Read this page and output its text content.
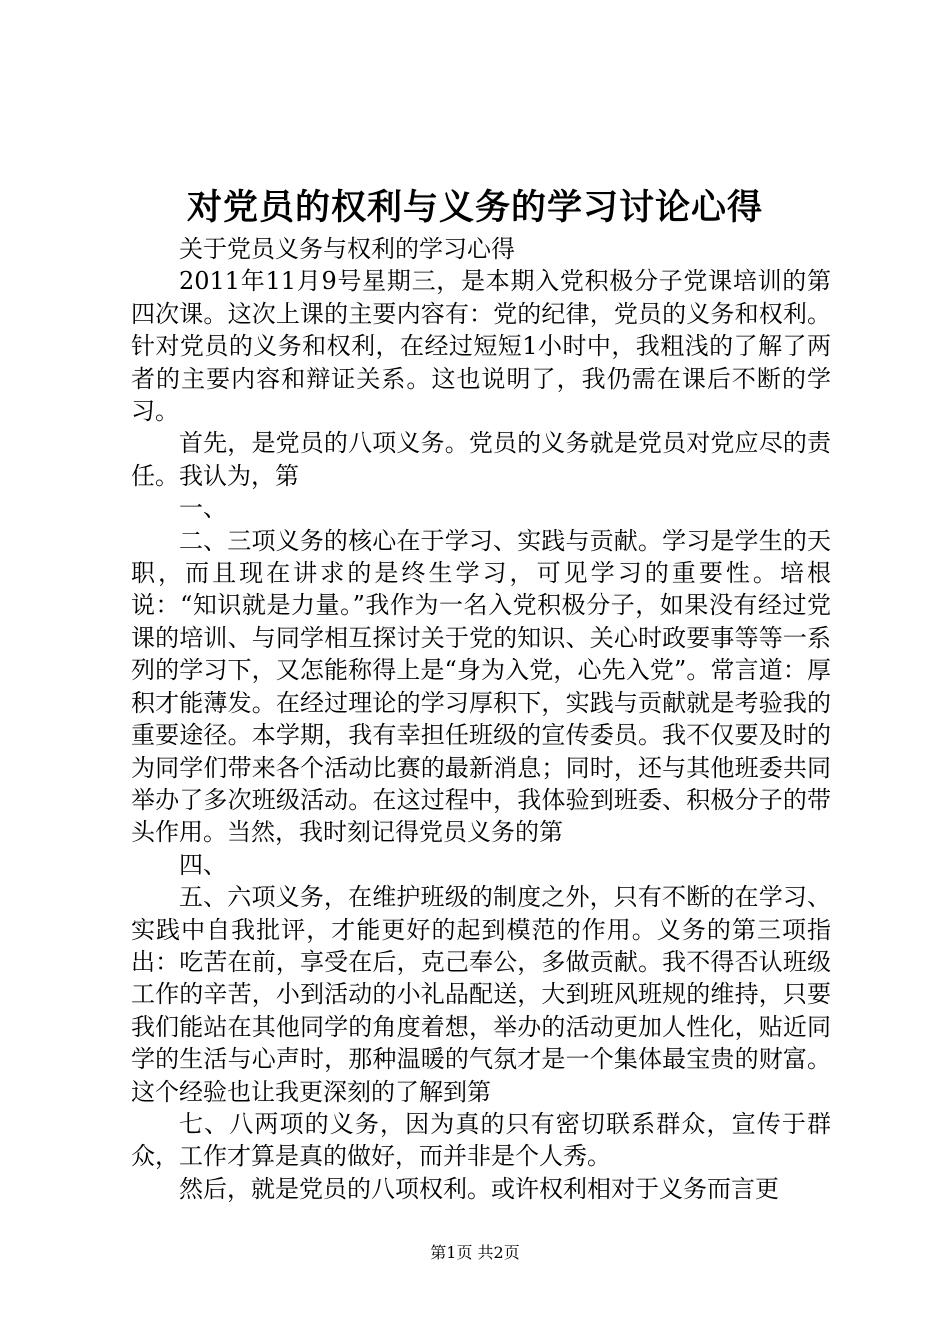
对党员的权利与义务的学习讨论心得

关于党员义务与权利的学习心得

2011年11月9号星期三，是本期入党积极分子党课培训的第四次课。这次上课的主要内容有：党的纪律，党员的义务和权利。针对党员的义务和权利，在经过短短1小时中，我粗浅的了解了两者的主要内容和辩证关系。这也说明了，我仍需在课后不断的学习。

首先，是党员的八项义务。党员的义务就是党员对党应尽的责任。我认为，第

一、

二、三项义务的核心在于学习、实践与贡献。学习是学生的天职，而且现在讲求的是终生学习，可见学习的重要性。培根说：“知识就是力量。”我作为一名入党积极分子，如果没有经过党课的培训、与同学相互探讨关于党的知识、关心时政要事等等一系列的学习下，又怎能称得上是“身为入党，心先入党”。常言道：厚积才能薄发。在经过理论的学习厚积下，实践与贡献就是考验我的重要途径。本学期，我有幸担任班级的宣传委员。我不仅要及时的为同学们带来各个活动比赛的最新消息；同时，还与其他班委共同举办了多次班级活动。在这过程中，我体验到班委、积极分子的带头作用。当然，我时刻记得党员义务的第

四、

五、六项义务，在维护班级的制度之外，只有不断的在学习、实践中自我批评，才能更好的起到模范的作用。义务的第三项指出：吃苦在前，享受在后，克己奉公，多做贡献。我不得否认班级工作的辛苦，小到活动的小礼品配送，大到班风班规的维持，只要我们能站在其他同学的角度着想，举办的活动更加人性化，贴近同学的生活与心声时，那种温暖的气氛才是一个集体最宝贵的财富。这个经验也让我更深刻的了解到第

七、八两项的义务，因为真的只有密切联系群众，宣传于群众，工作才算是真的做好，而并非是个人秀。

然后，就是党员的八项权利。或许权利相对于义务而言更

第1页 共2页
